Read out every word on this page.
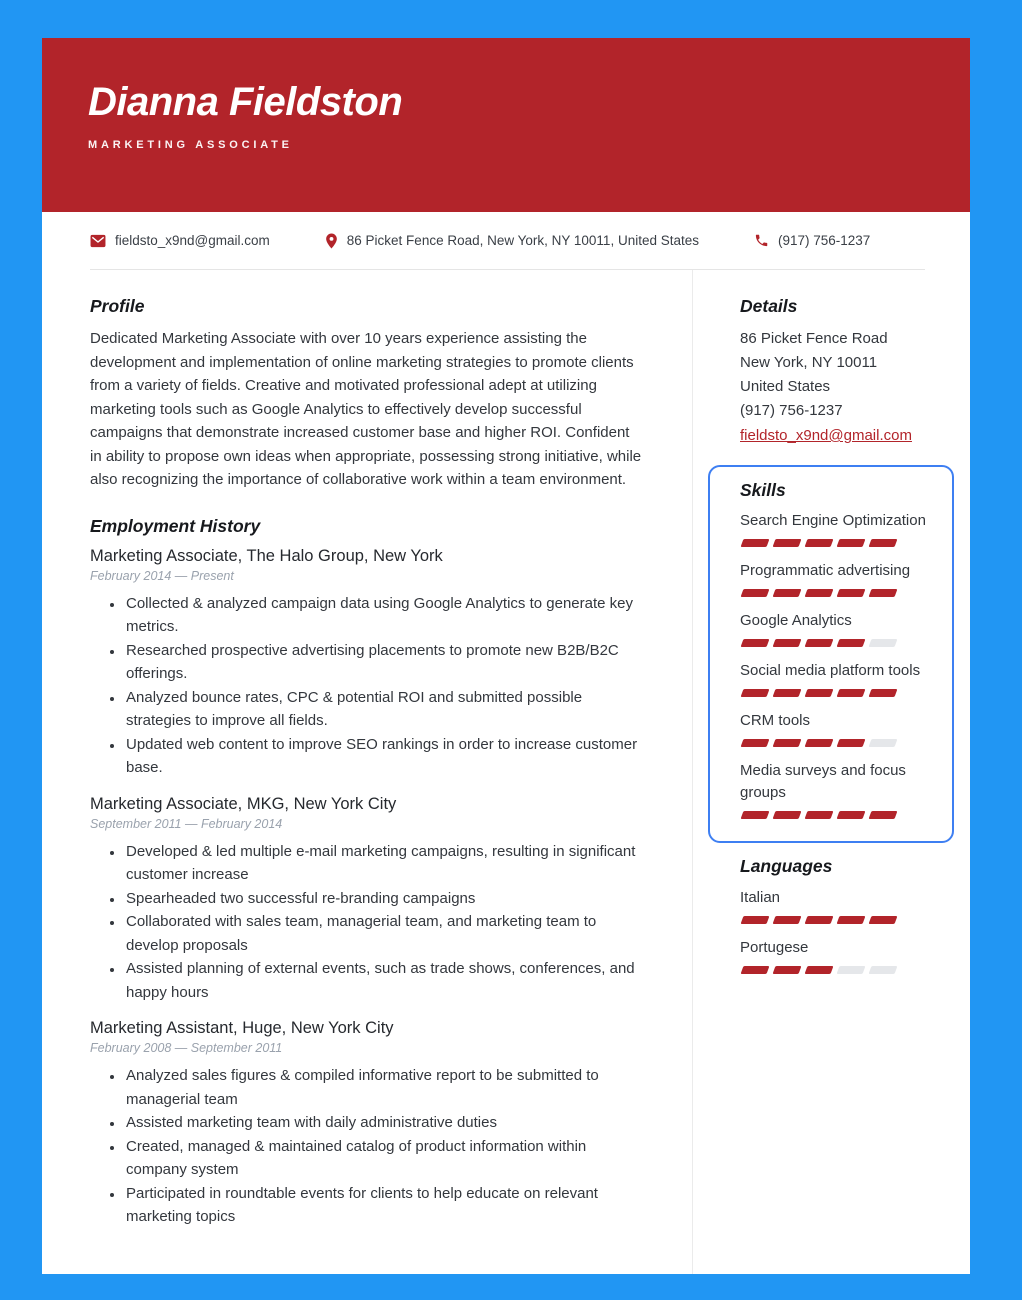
Dianna Fieldston
MARKETING ASSOCIATE
fieldsto_x9nd@gmail.com	86 Picket Fence Road, New York, NY 10011, United States	(917) 756-1237
Profile

Dedicated Marketing Associate with over 10 years experience assisting the development and implementation of online marketing strategies to promote clients from a variety of fields. Creative and motivated professional adept at utilizing marketing tools such as Google Analytics to effectively develop successful campaigns that demonstrate increased customer base and higher ROI. Confident in ability to propose own ideas when appropriate, possessing strong initiative, while also recognizing the importance of collaborative work within a team environment.

Employment History
Marketing Associate, The Halo Group, New York
February 2014 — Present
• Collected & analyzed campaign data using Google Analytics to generate key metrics.
• Researched prospective advertising placements to promote new B2B/B2C offerings.
• Analyzed bounce rates, CPC & potential ROI and submitted possible strategies to improve all fields.
• Updated web content to improve SEO rankings in order to increase customer base.
Marketing Associate, MKG, New York City
September 2011 — February 2014
• Developed & led multiple e-mail marketing campaigns, resulting in significant customer increase
• Spearheaded two successful re-branding campaigns
• Collaborated with sales team, managerial team, and marketing team to develop proposals
• Assisted planning of external events, such as trade shows, conferences, and happy hours
Marketing Assistant, Huge, New York City
February 2008 — September 2011
• Analyzed sales figures & compiled informative report to be submitted to managerial team
• Assisted marketing team with daily administrative duties
• Created, managed & maintained catalog of product information within company system
• Participated in roundtable events for clients to help educate on relevant marketing topics
Details
86 Picket Fence Road
New York, NY 10011
United States
(917) 756-1237
fieldsto_x9nd@gmail.com
Skills
Search Engine Optimization
Programmatic advertising
Google Analytics
Social media platform tools
CRM tools
Media surveys and focus groups
Languages
Italian
Portugese
